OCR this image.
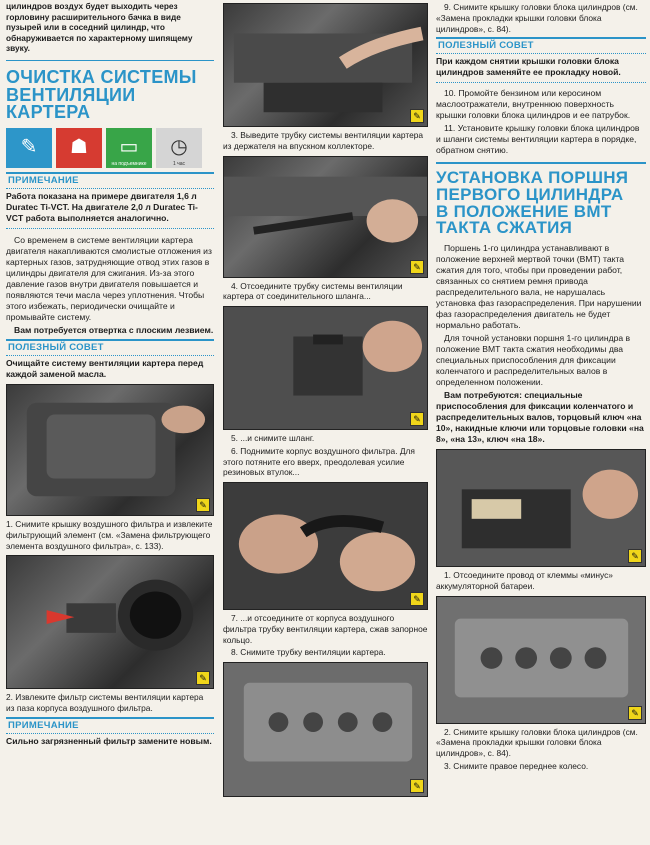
цилиндров воздух будет выходить через горловину расширительного бачка в виде пузырей или в соседний цилиндр, что обнаруживается по характерному шипящему звуку.

ОЧИСТКА СИСТЕМЫ
ВЕНТИЛЯЦИИ
КАРТЕРА
✎ ☗ ▭
на подъемнике
◷
1 час
ПРИМЕЧАНИЕ

Работа показана на примере двигателя 1,6 л Duratec Ti-VCT. На двигателе 2,0 л Duratec Ti-VCT работа выполняется аналогично.

Со временем в системе вентиляции картера двигателя накапливаются смолистые отложения из картерных газов, затрудняющие отвод этих газов в цилиндры двигателя для сжигания. Из-за этого давление газов внутри двигателя повышается и появляются течи масла через уплотнения. Чтобы этого избежать, периодически очищайте и промывайте систему.

Вам потребуется отвертка с плоским лезвием.

ПОЛЕЗНЫЙ СОВЕТ

Очищайте систему вентиляции картера перед каждой заменой масла.

✎

1. Снимите крышку воздушного фильтра и извлеките фильтрующий элемент (см. «Замена фильтрующего элемента воздушного фильтра», с. 133).

✎

2. Извлеките фильтр системы вентиляции картера из паза корпуса воздушного фильтра.

ПРИМЕЧАНИЕ

Сильно загрязненный фильтр замените новым.

✎

3. Выведите трубку системы вентиляции картера из держателя на впускном коллекторе.

✎

4. Отсоедините трубку системы вентиляции картера от соединительного шланга...

✎

5. ...и снимите шланг.

6. Поднимите корпус воздушного фильтра. Для этого потяните его вверх, преодолевая усилие резиновых втулок...

✎

7. ...и отсоедините от корпуса воздушного фильтра трубку вентиляции картера, сжав запорное кольцо.

8. Снимите трубку вентиляции картера.

✎

9. Снимите крышку головки блока цилиндров (см. «Замена прокладки крышки головки блока цилиндров», с. 84).

ПОЛЕЗНЫЙ СОВЕТ

При каждом снятии крышки головки блока цилиндров заменяйте ее прокладку новой.

10. Промойте бензином или керосином маслоотражатели, внутреннюю поверхность крышки головки блока цилиндров и ее патрубок.

11. Установите крышку головки блока цилиндров и шланги системы вентиляции картера в порядке, обратном снятию.

УСТАНОВКА ПОРШНЯ
ПЕРВОГО ЦИЛИНДРА
В ПОЛОЖЕНИЕ ВМТ
ТАКТА СЖАТИЯ

Поршень 1-го цилиндра устанавливают в положение верхней мертвой точки (ВМТ) такта сжатия для того, чтобы при проведении работ, связанных со снятием ремня привода распределительного вала, не нарушалась установка фаз газораспределения. При нарушении фаз газораспределения двигатель не будет нормально работать.

Для точной установки поршня 1-го цилиндра в положение ВМТ такта сжатия необходимы два специальных приспособления для фиксации коленчатого и распределительных валов в определенном положении.

Вам потребуются: специальные приспособления для фиксации коленчатого и распределительных валов, торцовый ключ «на 10», накидные ключи или торцовые головки «на 8», «на 13», ключ «на 18».

✎

1. Отсоедините провод от клеммы «минус» аккумуляторной батареи.

✎

2. Снимите крышку головки блока цилиндров (см. «Замена прокладки крышки головки блока цилиндров», с. 84).

3. Снимите правое переднее колесо.
